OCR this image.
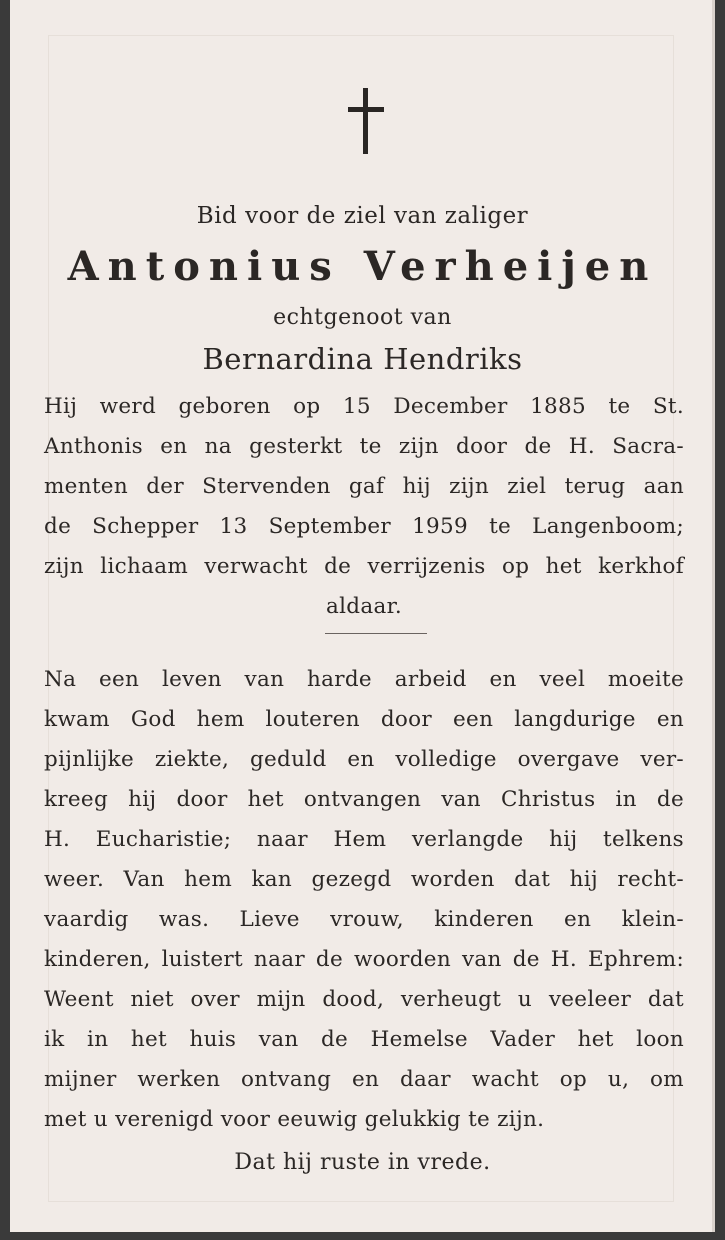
Bid voor de ziel van zaliger
Antonius Verheijen
echtgenoot van
Bernardina Hendriks
Hij werd geboren op 15 December 1885 te St.
Anthonis en na gesterkt te zijn door de H. Sacra-
menten der Stervenden gaf hij zijn ziel terug aan
de Schepper 13 September 1959 te Langenboom;
zijn lichaam verwacht de verrijzenis op het kerkhof
aldaar.
Na een leven van harde arbeid en veel moeite
kwam God hem louteren door een langdurige en
pijnlijke ziekte, geduld en volledige overgave ver-
kreeg hij door het ontvangen van Christus in de
H. Eucharistie; naar Hem verlangde hij telkens
weer. Van hem kan gezegd worden dat hij recht-
vaardig was. Lieve vrouw, kinderen en klein-
kinderen, luistert naar de woorden van de H. Ephrem:
Weent niet over mijn dood, verheugt u veeleer dat
ik in het huis van de Hemelse Vader het loon
mijner werken ontvang en daar wacht op u, om
met u verenigd voor eeuwig gelukkig te zijn.
Dat hij ruste in vrede.
